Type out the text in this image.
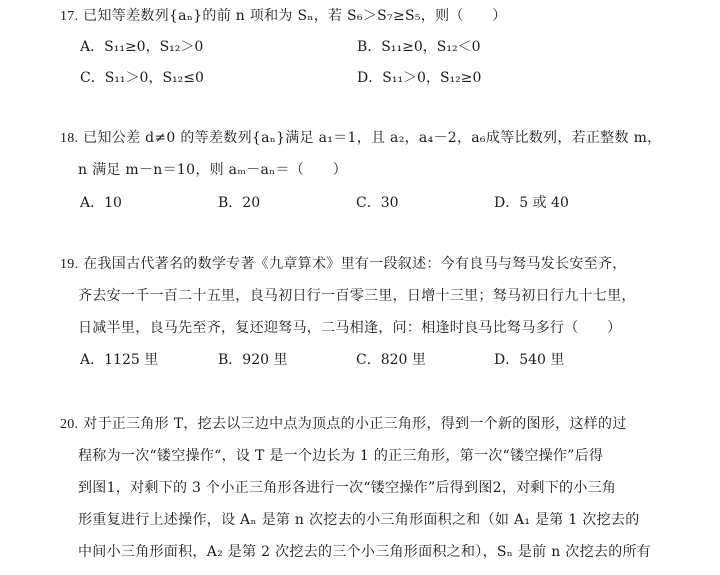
17. 已知等差数列{aₙ}的前 n 项和为 Sₙ，若 S₆＞S₇≥S₅，则（　　）
A．S₁₁≥0，S₁₂＞0	B．S₁₁≥0，S₁₂＜0
C．S₁₁＞0，S₁₂≤0	D．S₁₁＞0，S₁₂≥0
18. 已知公差 d≠0 的等差数列{aₙ}满足 a₁＝1，且 a₂，a₄－2，a₆成等比数列，若正整数 m，
n 满足 m－n＝10，则 aₘ－aₙ＝（　　）
A．10	B．20	C．30	D．5 或 40
19. 在我国古代著名的数学专著《九章算术》里有一段叙述：今有良马与驽马发长安至齐，
齐去安一千一百二十五里，良马初日行一百零三里，日增十三里；驽马初日行九十七里，
日减半里，良马先至齐，复还迎驽马，二马相逢，问：相逢时良马比驽马多行（　　）
A．1125 里	B．920 里	C．820 里	D．540 里
20. 对于正三角形 T，挖去以三边中点为顶点的小正三角形，得到一个新的图形，这样的过
程称为一次“镂空操作“，设 T 是一个边长为 1 的正三角形，第一次“镂空操作”后得
到图1，对剩下的 3 个小正三角形各进行一次“镂空操作”后得到图2，对剩下的小三角
形重复进行上述操作，设 Aₙ 是第 n 次挖去的小三角形面积之和（如 A₁ 是第 1 次挖去的
中间小三角形面积，A₂ 是第 2 次挖去的三个小三角形面积之和），Sₙ 是前 n 次挖去的所有
